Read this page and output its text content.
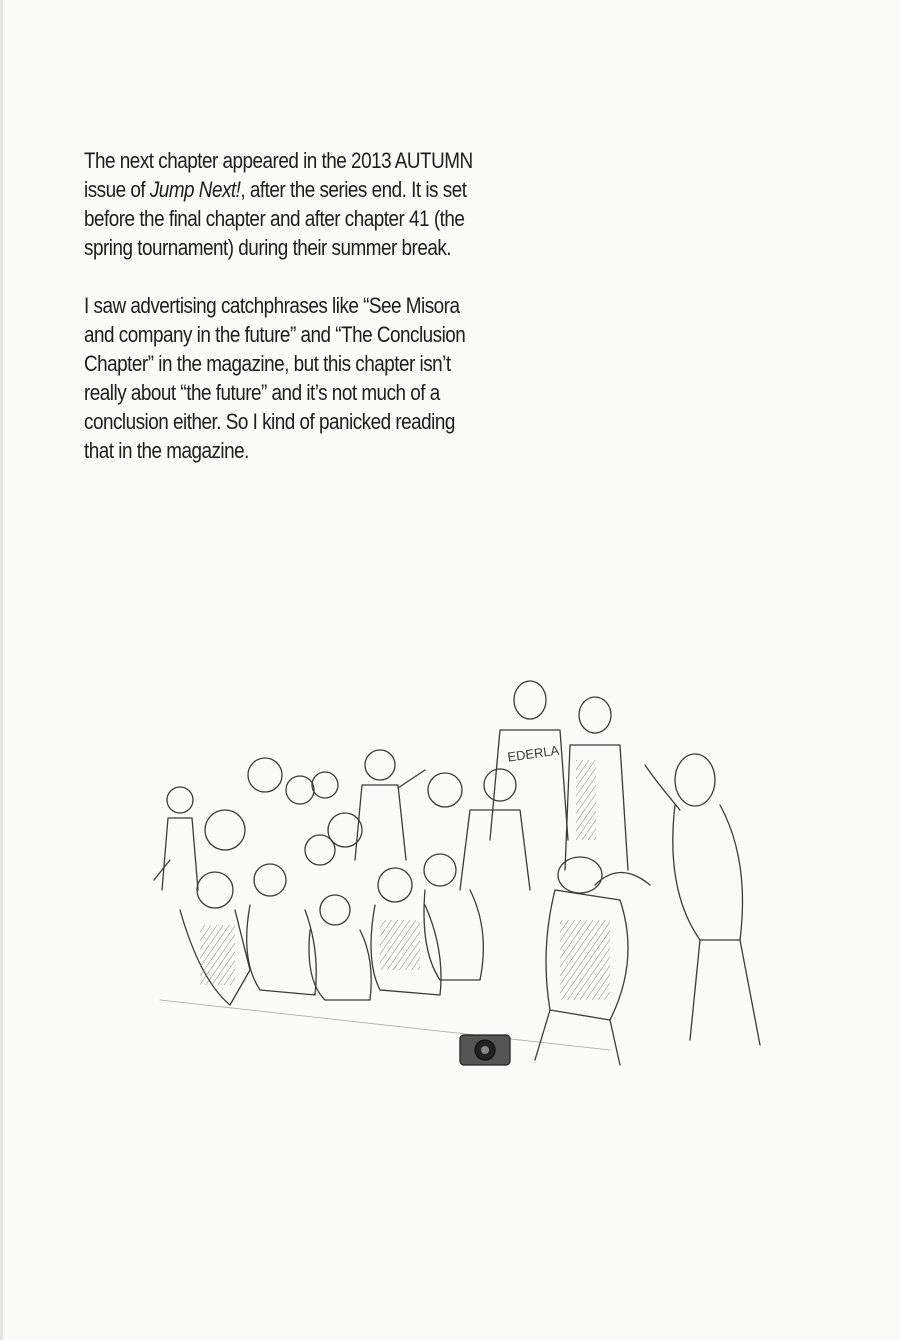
The next chapter appeared in the 2013 AUTUMN
issue of Jump Next!, after the series end. It is set
before the final chapter and after chapter 41 (the
spring tournament) during their summer break.

I saw advertising catchphrases like “See Misora
and company in the future” and “The Conclusion
Chapter” in the magazine, but this chapter isn’t
really about “the future” and it’s not much of a
conclusion either. So I kind of panicked reading
that in the magazine.

EDERLA
